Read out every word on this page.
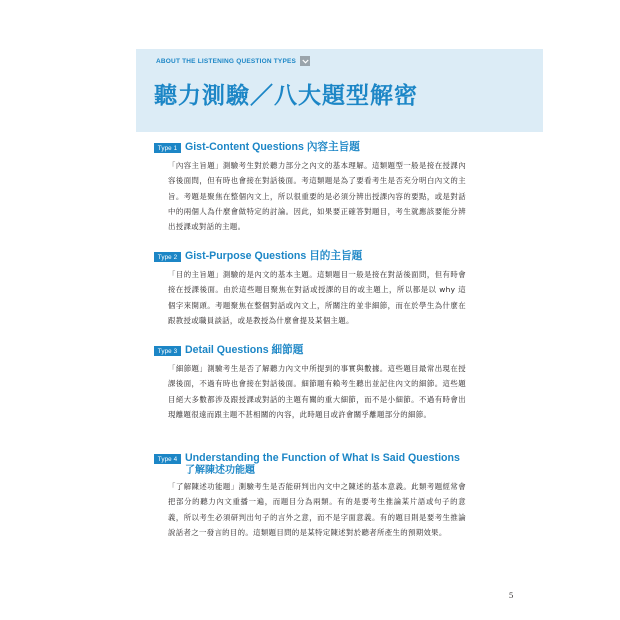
ABOUT THE LISTENING QUESTION TYPES
聽力測驗／八大題型解密
Type 1 Gist-Content Questions 內容主旨題
「內容主旨題」測驗考生對於聽力部分之內文的基本理解。這類題型一般是接在授課內容後面問，但有時也會接在對話後面。考這類題是為了要看考生是否充分明白內文的主旨。考題是聚焦在整個內文上，所以很重要的是必須分辨出授課內容的要點，或是對話中的兩個人為什麼會做特定的討論。因此，如果要正確答對題目，考生就應該要能分辨出授課或對話的主題。
Type 2 Gist-Purpose Questions 目的主旨題
「目的主旨題」測驗的是內文的基本主題。這類題目一般是接在對話後面問，但有時會接在授課後面。由於這些題目聚焦在對話或授課的目的或主題上，所以都是以 why 這個字來開頭。考題聚焦在整個對話或內文上，所關注的並非細節，而在於學生為什麼在跟教授或職員談話，或是教授為什麼會提及某個主題。
Type 3 Detail Questions 細節題
「細節題」測驗考生是否了解聽力內文中所提到的事實與數據。這些題目最常出現在授課後面，不過有時也會接在對話後面。細節題有賴考生聽出並記住內文的細節。這些題目絕大多數都涉及跟授課或對話的主題有關的重大細節，而不是小細節。不過有時會出現離題很遠而跟主題不甚相關的內容，此時題目或許會關乎離題部分的細節。
Type 4 Understanding the Function of What Is Said Questions
了解陳述功能題
「了解陳述功能題」測驗考生是否能研判出內文中之陳述的基本意義。此類考題經常會把部分的聽力內文重播一遍，而題目分為兩類。有的是要考生推論某片語或句子的意義，所以考生必須研判出句子的言外之意，而不是字面意義。有的題目則是要考生推論說話者之一發言的目的。這類題目問的是某特定陳述對於聽者所產生的預期效果。
5
